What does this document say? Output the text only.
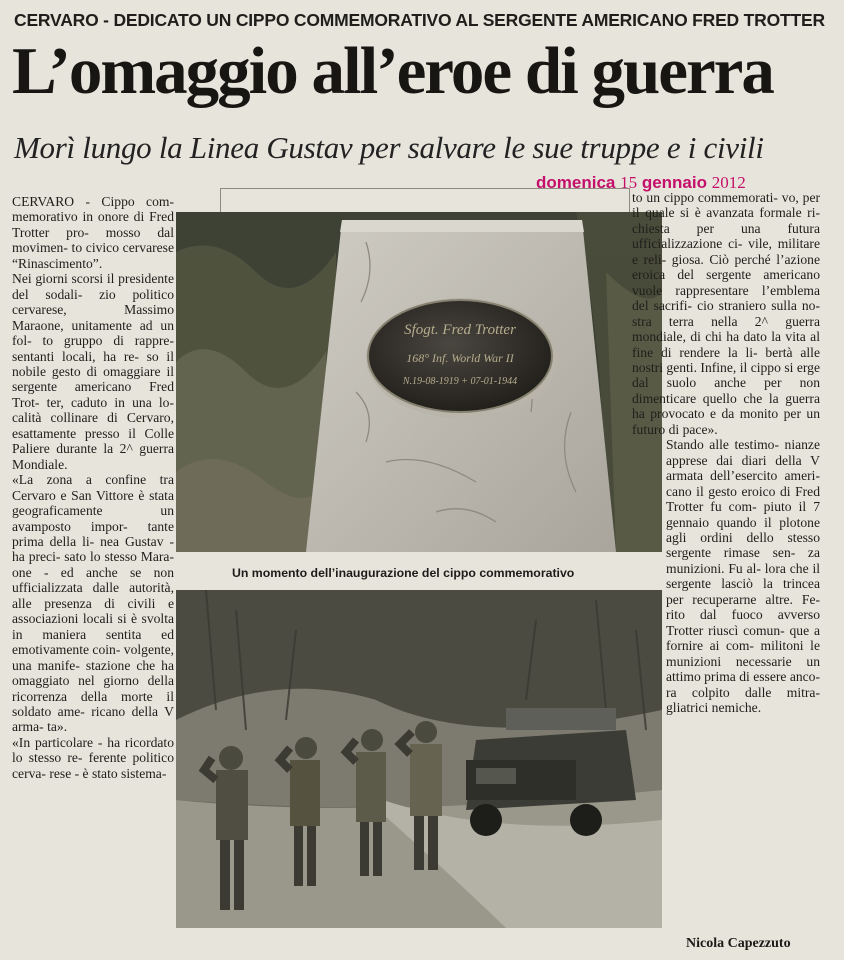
CERVARO - DEDICATO UN CIPPO COMMEMORATIVO AL SERGENTE AMERICANO FRED TROTTER
L’omaggio all’eroe di guerra
Morì lungo la Linea Gustav per salvare le sue truppe e i civili
domenica 15 gennaio 2012

CERVARO - Cippo com- memorativo in onore di Fred Trotter pro- mosso dal movimen- to civico cervarese “Rinascimento”.

Nei giorni scorsi il presidente del sodali- zio politico cervarese, Massimo Maraone, unitamente ad un fol- to gruppo di rappre- sentanti locali, ha re- so il nobile gesto di omaggiare il sergente americano Fred Trot- ter, caduto in una lo- calità collinare di Cervaro, esattamente presso il Colle Paliere durante la 2^ guerra Mondiale.

«La zona a confine tra Cervaro e San Vittore è stata geograficamente un avamposto impor- tante prima della li- nea Gustav - ha preci- sato lo stesso Mara- one - ed anche se non ufficializzata dalle autorità, alle presenza di civili e associazioni locali si è svolta in maniera sentita ed emotivamente coin- volgente, una manife- stazione che ha omaggiato nel giorno della ricorrenza della morte il soldato ame- ricano della V arma- ta».

«In particolare - ha ricordato lo stesso re- ferente politico cerva- rese - è stato sistema-

Sfogt. Fred Trotter
168° Inf. World War II
N.19-08-1919 + 07-01-1944
Un momento dell’inaugurazione del cippo commemorativo

to un cippo commemorati- vo, per il quale si è avanzata formale ri- chiesta per una futura ufficializzazione ci- vile, militare e reli- giosa. Ciò perché l’azione eroica del sergente americano vuole rappresentare l’emblema del sacrifi- cio straniero sulla no- stra terra nella 2^ guerra mondiale, di chi ha dato la vita al fine di rendere la li- bertà alle nostri genti. Infine, il cippo si erge dal suolo anche per non dimenticare quello che la guerra ha provocato e da monito per un futuro di pace».

Stando alle testimo- nianze apprese dai diari della V armata dell’esercito ameri- cano il gesto eroico di Fred Trotter fu com- piuto il 7 gennaio quando il plotone agli ordini dello stesso sergente rimase sen- za munizioni. Fu al- lora che il sergente lasciò la trincea per recuperarne altre. Fe- rito dal fuoco avverso Trotter riuscì comun- que a fornire ai com- militoni le munizioni necessarie un attimo prima di essere anco- ra colpito dalle mitra- gliatrici nemiche.

Nicola Capezzuto
